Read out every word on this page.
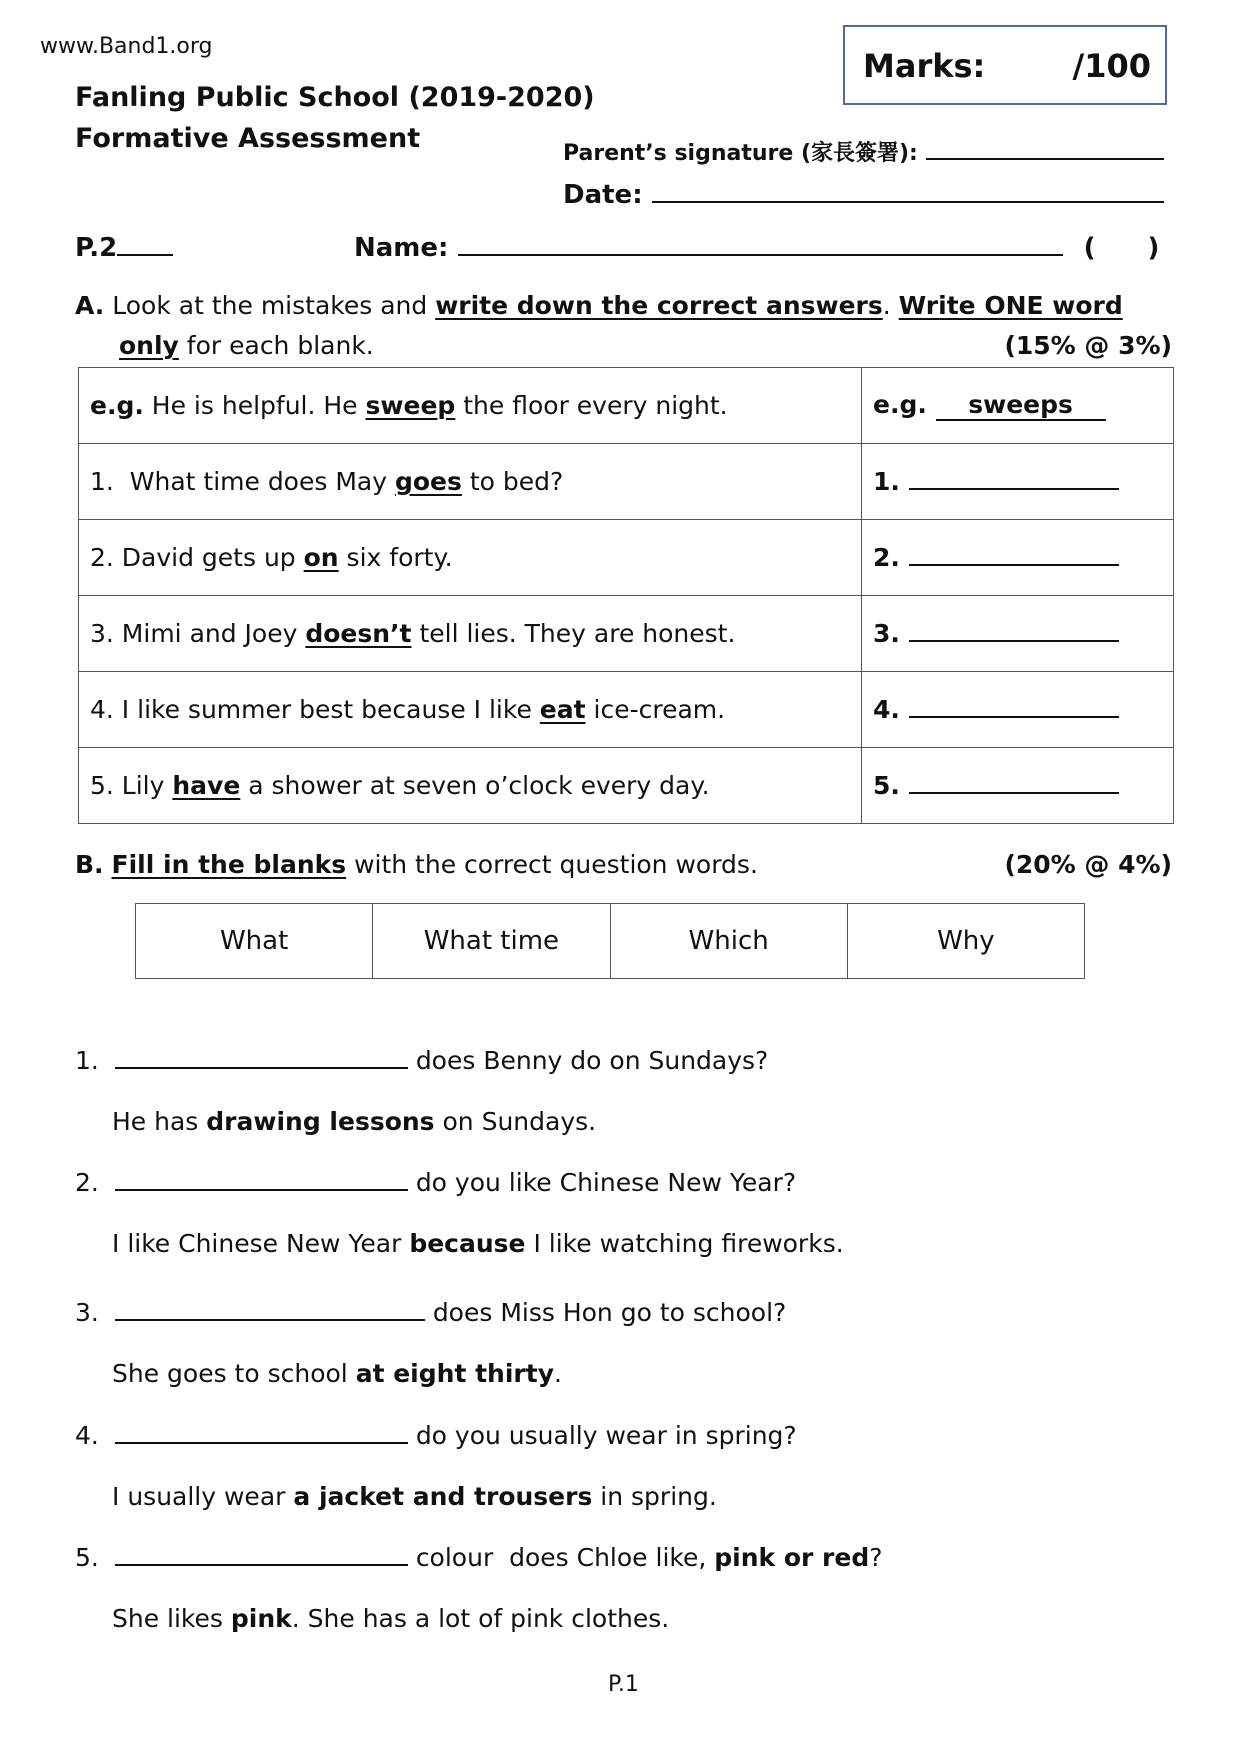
www.Band1.org
Fanling Public School (2019-2020)
Formative Assessment
Marks:	/100
Parent’s signature (家長簽署):
Date:
P.2	Name:	( )
A. Look at the mistakes and write down the correct answers. Write ONE word
only for each blank.	(15% @ 3%)
e.g. He is helpful. He sweep the floor every night.	e.g. sweeps
1.  What time does May goes to bed?	1.
2. David gets up on six forty.	2.
3. Mimi and Joey doesn’t tell lies. They are honest.	3.
4. I like summer best because I like eat ice-cream.	4.
5. Lily have a shower at seven o’clock every day.	5.
B. Fill in the blanks with the correct question words.	(20% @ 4%)
What	What time	Which	Why
1.	does Benny do on Sundays?
He has drawing lessons on Sundays.
2.	do you like Chinese New Year?
I like Chinese New Year because I like watching fireworks.
3.	does Miss Hon go to school?
She goes to school at eight thirty.
4.	do you usually wear in spring?
I usually wear a jacket and trousers in spring.
5.	colour  does Chloe like, pink or red?
She likes pink. She has a lot of pink clothes.
P.1
